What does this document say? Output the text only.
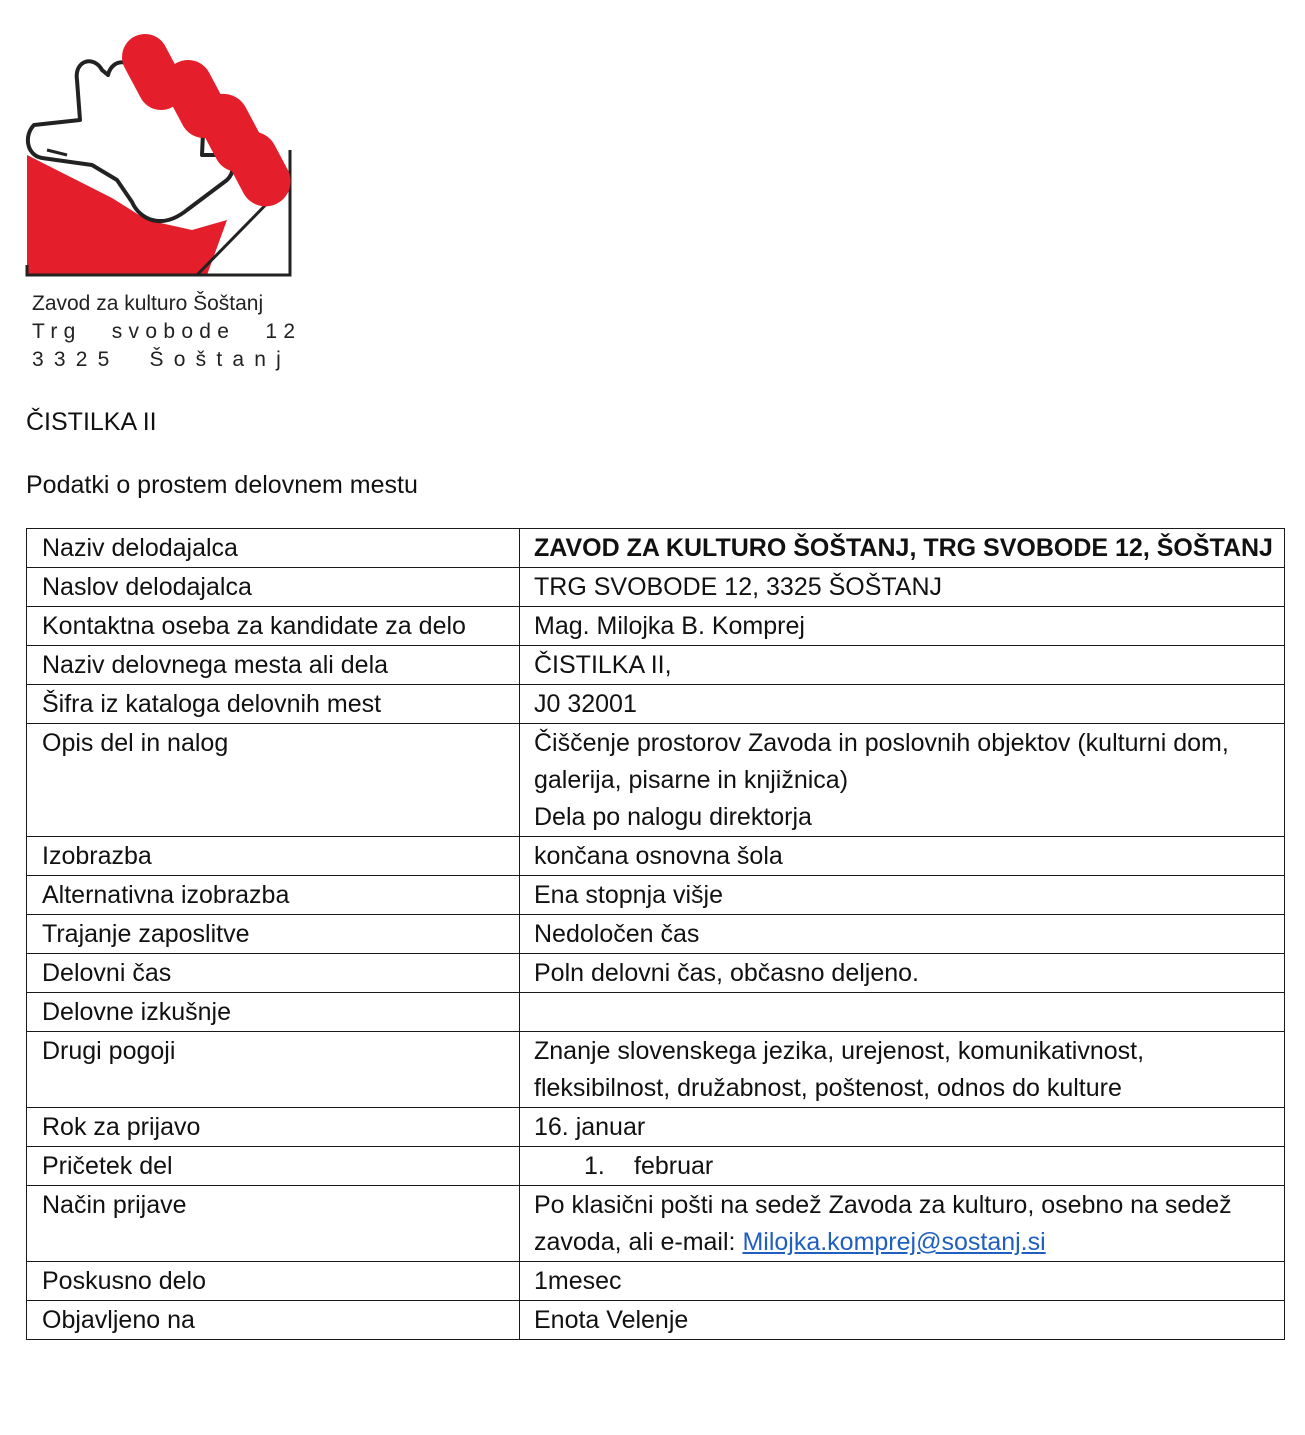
Zavod za kulturo Šoštanj
Trg svobode 12
3325 Šoštanj
ČISTILKA II
Podatki o prostem delovnem mestu
Naziv delodajalca	ZAVOD ZA KULTURO ŠOŠTANJ, TRG SVOBODE 12, ŠOŠTANJ
Naslov delodajalca	TRG SVOBODE 12, 3325 ŠOŠTANJ
Kontaktna oseba za kandidate za delo	Mag. Milojka B. Komprej
Naziv delovnega mesta ali dela	ČISTILKA II,
Šifra iz kataloga delovnih mest	J0 32001
Opis del in nalog	Čiščenje prostorov Zavoda in poslovnih objektov (kulturni dom, galerija, pisarne in knjižnica)
Dela po nalogu direktorja

Izobrazba	končana osnovna šola
Alternativna izobrazba	Ena stopnja višje
Trajanje zaposlitve	Nedoločen čas
Delovni čas	Poln delovni čas, občasno deljeno.
Delovne izkušnje	
Drugi pogoji	Znanje slovenskega jezika, urejenost, komunikativnost, fleksibilnost, družabnost, poštenost, odnos do kulture
Rok za prijavo	16. januar
Pričetek del	1. februar
Način prijave	Po klasični pošti na sedež Zavoda za kulturo, osebno na sedež zavoda, ali e-mail: Milojka.komprej@sostanj.si
Poskusno delo	1mesec
Objavljeno na	Enota Velenje
